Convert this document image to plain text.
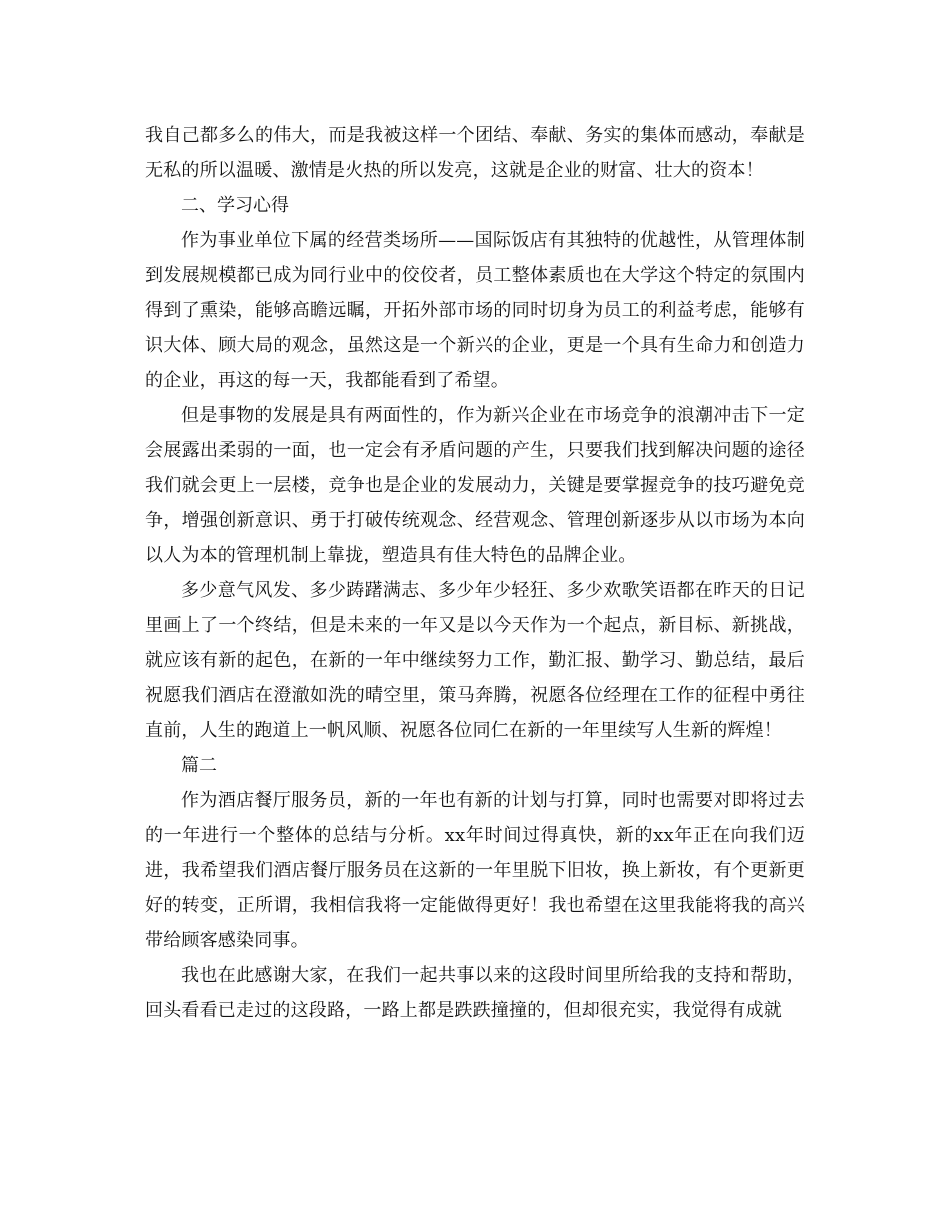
我自己都多么的伟大，而是我被这样一个团结、奉献、务实的集体而感动，奉献是无私的所以温暖、激情是火热的所以发亮，这就是企业的财富、壮大的资本！

二、学习心得

作为事业单位下属的经营类场所——国际饭店有其独特的优越性，从管理体制到发展规模都已成为同行业中的佼佼者，员工整体素质也在大学这个特定的氛围内得到了熏染，能够高瞻远瞩，开拓外部市场的同时切身为员工的利益考虑，能够有识大体、顾大局的观念，虽然这是一个新兴的企业，更是一个具有生命力和创造力的企业，再这的每一天，我都能看到了希望。

但是事物的发展是具有两面性的，作为新兴企业在市场竞争的浪潮冲击下一定会展露出柔弱的一面，也一定会有矛盾问题的产生，只要我们找到解决问题的途径我们就会更上一层楼，竞争也是企业的发展动力，关键是要掌握竞争的技巧避免竞争，增强创新意识、勇于打破传统观念、经营观念、管理创新逐步从以市场为本向以人为本的管理机制上靠拢，塑造具有佳大特色的品牌企业。

多少意气风发、多少踌躇满志、多少年少轻狂、多少欢歌笑语都在昨天的日记里画上了一个终结，但是未来的一年又是以今天作为一个起点，新目标、新挑战，就应该有新的起色，在新的一年中继续努力工作，勤汇报、勤学习、勤总结，最后祝愿我们酒店在澄澈如洗的晴空里，策马奔腾，祝愿各位经理在工作的征程中勇往直前，人生的跑道上一帆风顺、祝愿各位同仁在新的一年里续写人生新的辉煌！

篇二

作为酒店餐厅服务员，新的一年也有新的计划与打算，同时也需要对即将过去的一年进行一个整体的总结与分析。xx年时间过得真快，新的xx年正在向我们迈进，我希望我们酒店餐厅服务员在这新的一年里脱下旧妆，换上新妆，有个更新更好的转变，正所谓，我相信我将一定能做得更好！我也希望在这里我能将我的高兴带给顾客感染同事。

我也在此感谢大家，在我们一起共事以来的这段时间里所给我的支持和帮助，回头看看已走过的这段路，一路上都是跌跌撞撞的，但却很充实，我觉得有成就
